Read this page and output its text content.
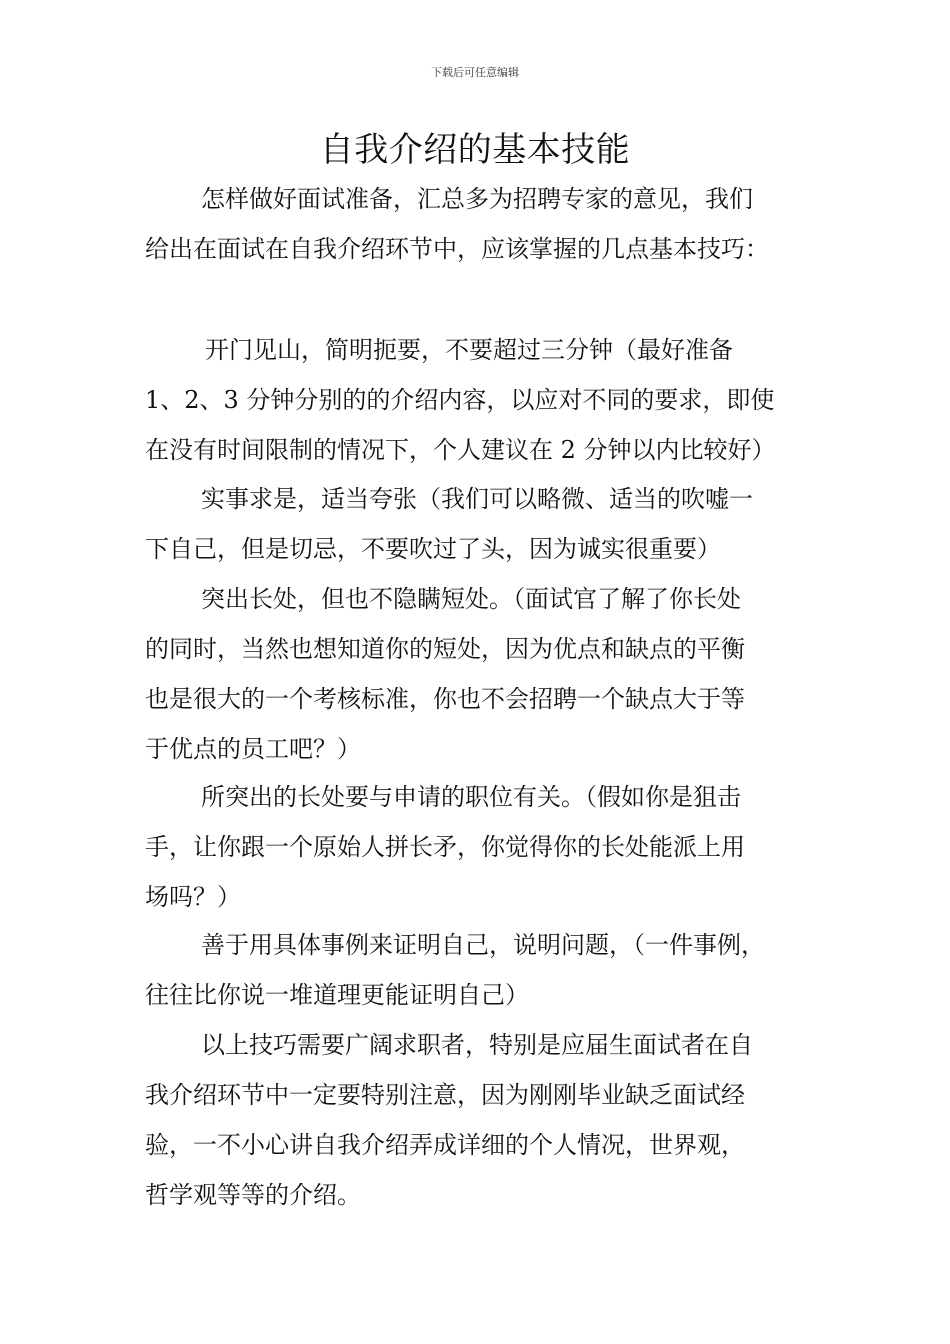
下载后可任意编辑
自我介绍的基本技能
怎样做好面试准备，汇总多为招聘专家的意见，我们
给出在面试在自我介绍环节中，应该掌握的几点基本技巧：
开门见山，简明扼要，不要超过三分钟（最好准备
1、2、3 分钟分别的的介绍内容，以应对不同的要求，即使
在没有时间限制的情况下，个人建议在 2 分钟以内比较好）
实事求是，适当夸张（我们可以略微、适当的吹嘘一
下自己，但是切忌，不要吹过了头，因为诚实很重要）
突出长处，但也不隐瞒短处。（面试官了解了你长处
的同时，当然也想知道你的短处，因为优点和缺点的平衡
也是很大的一个考核标准，你也不会招聘一个缺点大于等
于优点的员工吧？）
所突出的长处要与申请的职位有关。（假如你是狙击
手，让你跟一个原始人拼长矛，你觉得你的长处能派上用
场吗？）
善于用具体事例来证明自己，说明问题，（一件事例，
往往比你说一堆道理更能证明自己）
以上技巧需要广阔求职者，特别是应届生面试者在自
我介绍环节中一定要特别注意，因为刚刚毕业缺乏面试经
验，一不小心讲自我介绍弄成详细的个人情况，世界观，
哲学观等等的介绍。
